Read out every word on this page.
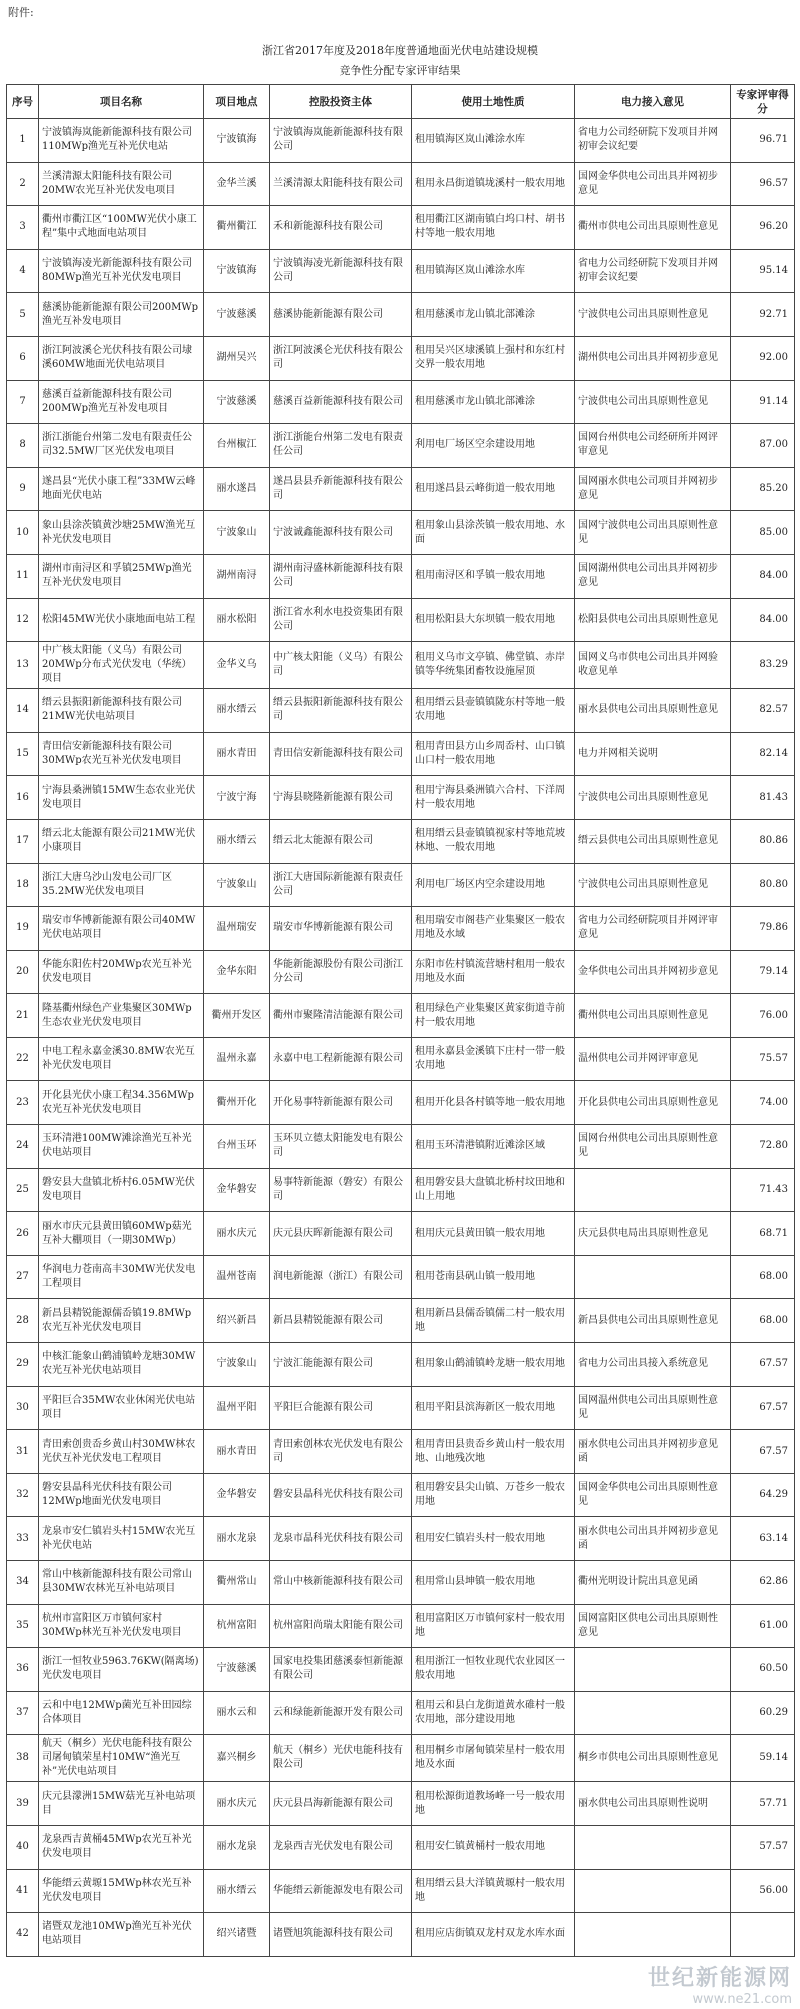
附件:
浙江省2017年度及2018年度普通地面光伏电站建设规模
竞争性分配专家评审结果
序号	项目名称	项目地点	控股投资主体	使用土地性质	电力接入意见	专家评审得分
1	宁波镇海岚能新能源科技有限公司110MWp渔光互补光伏电站	宁波镇海	宁波镇海岚能新能源科技有限公司	租用镇海区岚山滩涂水库	省电力公司经研院下发项目并网初审会议纪要	96.71
2	兰溪清源太阳能科技有限公司20MW农光互补光伏发电项目	金华兰溪	兰溪清源太阳能科技有限公司	租用永昌街道镇垅溪村一般农用地	国网金华供电公司出具并网初步意见	96.57
3	衢州市衢江区“100MW光伏小康工程”集中式地面电站项目	衢州衢江	禾和新能源科技有限公司	租用衢江区湖南镇白坞口村、胡书村等地一般农用地	衢州市供电公司出具原则性意见	96.20
4	宁波镇海凌光新能源科技有限公司80MWp渔光互补光伏发电项目	宁波镇海	宁波镇海凌光新能源科技有限公司	租用镇海区岚山滩涂水库	省电力公司经研院下发项目并网初审会议纪要	95.14
5	慈溪协能新能源有限公司200MWp渔光互补发电项目	宁波慈溪	慈溪协能新能源有限公司	租用慈溪市龙山镇北部滩涂	宁波供电公司出具原则性意见	92.71
6	浙江阿波溪仑光伏科技有限公司埭溪60MW地面光伏电站项目	湖州吴兴	浙江阿波溪仑光伏科技有限公司	租用吴兴区埭溪镇上强村和东红村交界一般农用地	湖州供电公司出具并网初步意见	92.00
7	慈溪百益新能源科技有限公司200MWp渔光互补发电项目	宁波慈溪	慈溪百益新能源科技有限公司	租用慈溪市龙山镇北部滩涂	宁波供电公司出具原则性意见	91.14
8	浙江浙能台州第二发电有限责任公司32.5MW厂区光伏发电项目	台州椒江	浙江浙能台州第二发电有限责任公司	利用电厂场区空余建设用地	国网台州供电公司经研所并网评审意见	87.00
9	遂昌县“光伏小康工程”33MW云峰地面光伏电站	丽水遂昌	遂昌县县乔新能源科技有限公司	租用遂昌县云峰街道一般农用地	国网丽水供电公司项目并网初步意见	85.20
10	象山县涂茨镇黄沙塘25MW渔光互补光伏发电项目	宁波象山	宁波诚鑫能源科技有限公司	租用象山县涂茨镇一般农用地、水面	国网宁波供电公司出具原则性意见	85.00
11	湖州市南浔区和孚镇25MWp渔光互补光伏发电项目	湖州南浔	湖州南浔盛林新能源科技有限公司	租用南浔区和孚镇一般农用地	国网湖州供电公司出具并网初步意见	84.00
12	松阳45MW光伏小康地面电站工程	丽水松阳	浙江省水利水电投资集团有限公司	租用松阳县大东坝镇一般农用地	松阳县供电公司出具原则性意见	84.00
13	中广核太阳能（义乌）有限公司20MWp分布式光伏发电（华统）项目	金华义乌	中广核太阳能（义乌）有限公司	租用义乌市文亭镇、佛堂镇、赤岸镇等华统集团畜牧设施屋顶	国网义乌市供电公司出具并网验收意见单	83.29
14	缙云县振阳新能源科技有限公司21MW光伏电站项目	丽水缙云	缙云县振阳新能源科技有限公司	租用缙云县壶镇镇陇东村等地一般农用地	丽水县供电公司出具原则性意见	82.57
15	青田信安新能源科技有限公司30MWp农光互补光伏发电项目	丽水青田	青田信安新能源科技有限公司	租用青田县方山乡周岙村、山口镇山口村一般农用地	电力并网相关说明	82.14
16	宁海县桑洲镇15MW生态农业光伏发电项目	宁波宁海	宁海县晓隆新能源有限公司	租用宁海县桑洲镇六合村、下洋周村一般农用地	宁波供电公司出具原则性意见	81.43
17	缙云北太能源有限公司21MW光伏小康项目	丽水缙云	缙云北太能源有限公司	租用缙云县壶镇镇视家村等地荒坡林地、一般农用地	缙云县供电公司出具原则性意见	80.86
18	浙江大唐乌沙山发电公司厂区35.2MW光伏发电项目	宁波象山	浙江大唐国际新能源有限责任公司	利用电厂场区内空余建设用地	宁波供电公司出具原则性意见	80.80
19	瑞安市华博新能源有限公司40MW光伏电站项目	温州瑞安	瑞安市华博新能源有限公司	租用瑞安市阁巷产业集聚区一般农用地及水域	省电力公司经研院项目并网评审意见	79.86
20	华能东阳佐村20MWp农光互补光伏发电项目	金华东阳	华能新能源股份有限公司浙江分公司	东阳市佐村镇流营塘村租用一般农用地及水面	金华供电公司出具并网初步意见	79.14
21	隆基衢州绿色产业集聚区30MWp生态农业光伏发电项目	衢州开发区	衢州市聚隆清洁能源有限公司	租用绿色产业集聚区黄家街道寺前村一般农用地	衢州供电公司出具原则性意见	76.00
22	中电工程永嘉金溪30.8MW农光互补光伏发电项目	温州永嘉	永嘉中电工程新能源有限公司	租用永嘉县金溪镇下庄村一带一般农用地	温州供电公司并网评审意见	75.57
23	开化县光伏小康工程34.356MWp农光互补光伏发电项目	衢州开化	开化易事特新能源有限公司	租用开化县各村镇等地一般农用地	开化县供电公司出具原则性意见	74.00
24	玉环清港100MW滩涂渔光互补光伏电站项目	台州玉环	玉环贝立德太阳能发电有限公司	租用玉环清港镇附近滩涂区域	国网台州供电公司出具原则性意见	72.80
25	磐安县大盘镇北桥村6.05MW光伏发电项目	金华磐安	易事特新能源（磐安）有限公司	租用磐安县大盘镇北桥村坟田地和山上用地		71.43
26	丽水市庆元县黄田镇60MWp菇光互补大棚项目（一期30MWp）	丽水庆元	庆元县庆晖新能源有限公司	租用庆元县黄田镇一般农用地	庆元县供电局出具原则性意见	68.71
27	华润电力苍南高丰30MW光伏发电工程项目	温州苍南	润电新能源（浙江）有限公司	租用苍南县矾山镇一般用地		68.00
28	新昌县精锐能源儒岙镇19.8MWp农光互补光伏发电项目	绍兴新昌	新昌县精锐能源有限公司	租用新昌县儒岙镇儒二村一般农用地	新昌县供电公司出具原则性意见	68.00
29	中核汇能象山鹤浦镇岭龙塘30MW农光互补光伏电站项目	宁波象山	宁波汇能能源有限公司	租用象山鹤浦镇岭龙塘一般农用地	省电力公司出具接入系统意见	67.57
30	平阳巨合35MW农业休闲光伏电站项目	温州平阳	平阳巨合能源有限公司	租用平阳县滨海新区一般农用地	国网温州供电公司出具原则性意见	67.57
31	青田索创贵岙乡黄山村30MW林农光伏互补光伏发电工程项目	丽水青田	青田索创林农光伏发电有限公司	租用青田县贵岙乡黄山村一般农用地、山地残次地	丽水供电公司出具并网初步意见函	67.57
32	磐安县晶科光伏科技有限公司12MWp地面光伏发电项目	金华磐安	磐安县晶科光伏科技有限公司	租用磐安县尖山镇、万苍乡一般农用地	国网金华供电公司出具原则性意见	64.29
33	龙泉市安仁镇岩头村15MW农光互补光伏电站	丽水龙泉	龙泉市晶科光伏科技有限公司	租用安仁镇岩头村一般农用地	丽水供电公司出具并网初步意见函	63.14
34	常山中核新能源科技有限公司常山县30MW农林光互补电站项目	衢州常山	常山中核新能源科技有限公司	租用常山县坤镇一般农用地	衢州光明设计院出具意见函	62.86
35	杭州市富阳区万市镇何家村30MWp林光互补光伏发电项目	杭州富阳	杭州富阳尚瑞太阳能有限公司	租用富阳区万市镇何家村一般农用地	国网富阳区供电公司出具原则性意见	61.00
36	浙江一恒牧业5963.76KW(隔离场)光伏发电项目	宁波慈溪	国家电投集团慈溪泰恒新能源有限公司	租用浙江一恒牧业现代农业园区一般农用地		60.50
37	云和中电12MWp菌光互补田园综合体项目	丽水云和	云和绿能新能源开发有限公司	租用云和县白龙街道黄水碓村一般农用地，部分建设用地		60.29
38	航天（桐乡）光伏电能科技有限公司屠甸镇荣星村10MW“渔光互补”光伏电站项目	嘉兴桐乡	航天（桐乡）光伏电能科技有限公司	租用桐乡市屠甸镇荣星村一般农用地及水面	桐乡市供电公司出具原则性意见	59.14
39	庆元县濛洲15MW菇光互补电站项目	丽水庆元	庆元县昌海新能源有限公司	租用松源街道教场峰一号一般农用地	丽水供电公司出具原则性说明	57.71
40	龙泉西吉黄桶45MWp农光互补光伏发电项目	丽水龙泉	龙泉西吉光伏发电有限公司	租用安仁镇黄桶村一般农用地		57.57
41	华能缙云黄塬15MWp林农光互补光伏发电项目	丽水缙云	华能缙云新能源发电有限公司	租用缙云县大洋镇黄塬村一般农用地		56.00
42	诸暨双龙池10MWp渔光互补光伏电站项目	绍兴诸暨	诸暨旭筑能源科技有限公司	租用应店街镇双龙村双龙水库水面		
世纪新能源网
www.ne21.com
